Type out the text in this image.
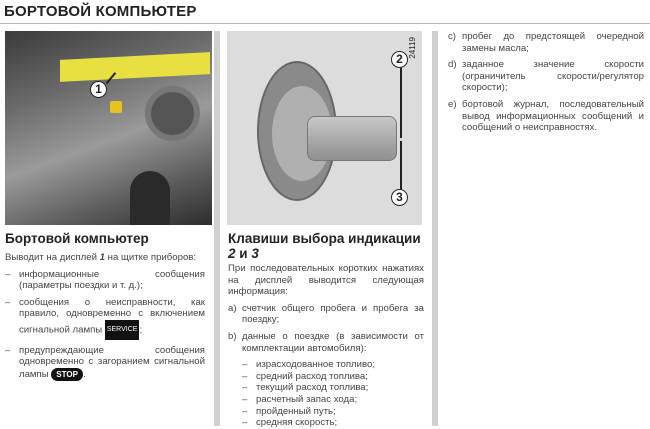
БОРТОВОЙ КОМПЬЮТЕР
1
24119
2
3
Бортовой компьютер

Выводит на дисплей 1 на щитке приборов:

– информационные сообщения (параметры поездки и т. д.);

– сообщения о неисправности, как правило, одновременно с включением сигнальной лампы SERVICE ;

– предупреждающие сообщения одновременно с загоранием сигнальной лампы STOP .

Клавиши выбора индикации 2 и 3

При последовательных коротких нажатиях на дисплей выводится следующая информация:

a) счетчик общего пробега и пробега за поездку;

b) данные о поездке (в зависимости от комплектации автомобиля):

– израсходованное топливо;
– средний расход топлива;
– текущий расход топлива;
– расчетный запас хода;
– пройденный путь;
– средняя скорость;

c) пробег до предстоящей очередной замены масла;

d) заданное значение скорости (ограничитель скорости/регулятор скорости);

e) бортовой журнал, последовательный вывод информационных сообщений и сообщений о неисправностях.
